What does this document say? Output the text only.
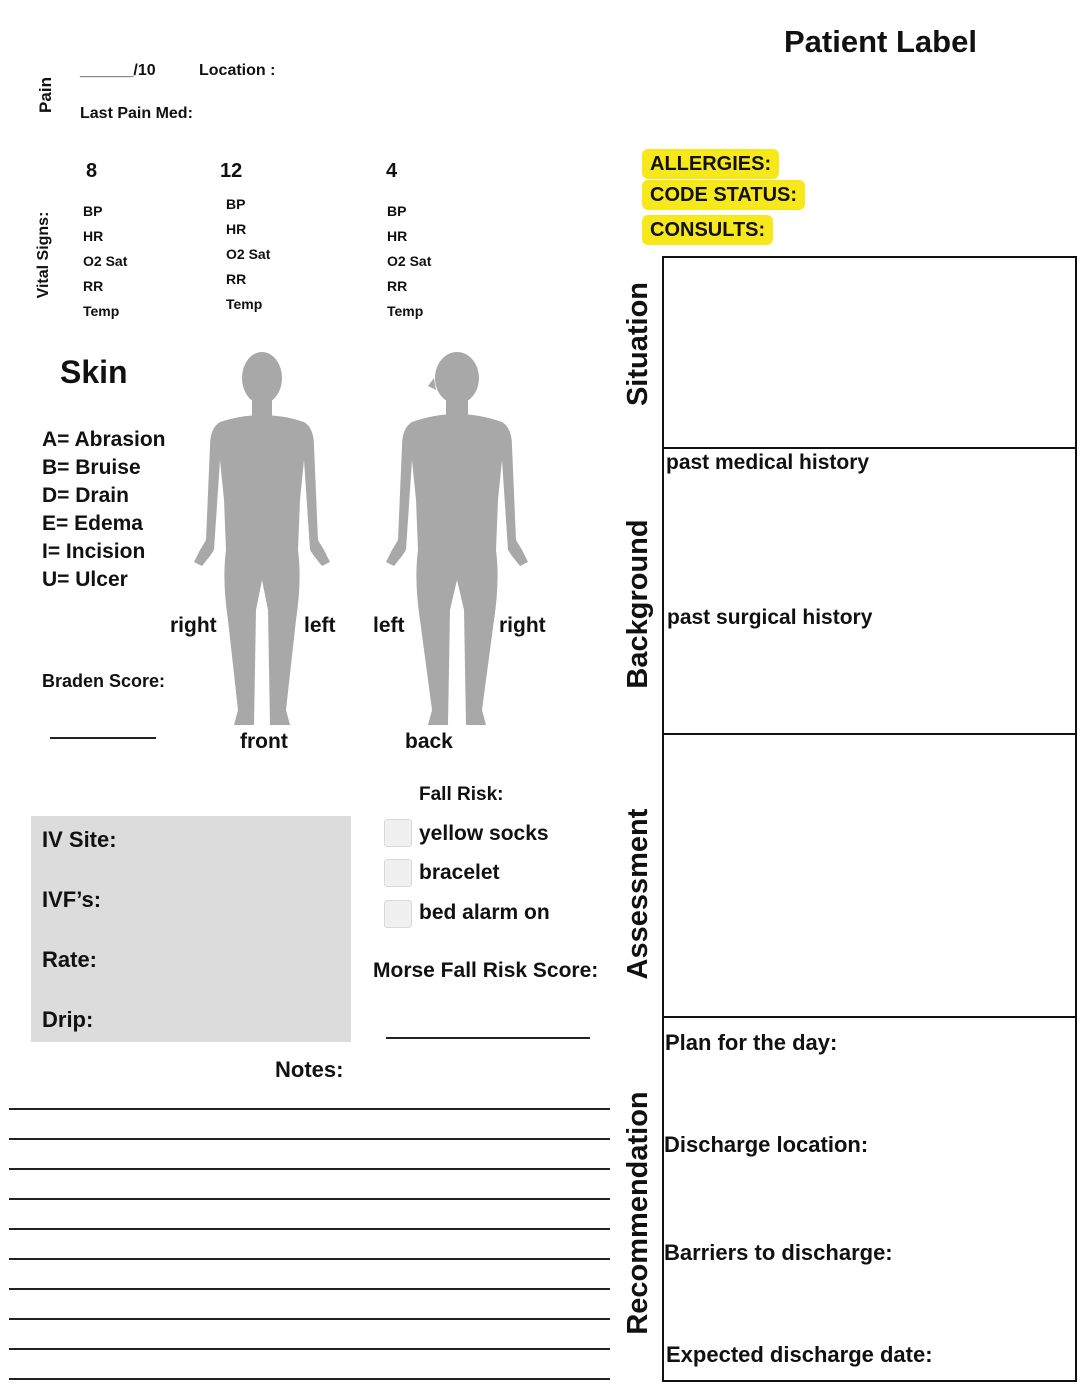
Patient Label
Pain
______/10	Location :
Last Pain Med:
Vital Signs:
8
BP
HR
O2 Sat
RR
Temp
12
BP
HR
O2 Sat
RR
Temp
4
BP
HR
O2 Sat
RR
Temp
Skin
A= Abrasion
B= Bruise
D= Drain
E= Edema
I= Incision
U= Ulcer
right	left left	right
front	back
Braden Score:
IV Site:
IVF’s:
Rate:
Drip:
Fall Risk:
yellow socks
bracelet
bed alarm on
Morse Fall Risk Score:
Notes:
ALLERGIES:
CODE STATUS:
CONSULTS:
Situation
Background
Assessment
Recommendation
past medical history
past surgical history
Plan for the day:
Discharge location:
Barriers to discharge:
Expected discharge date:
